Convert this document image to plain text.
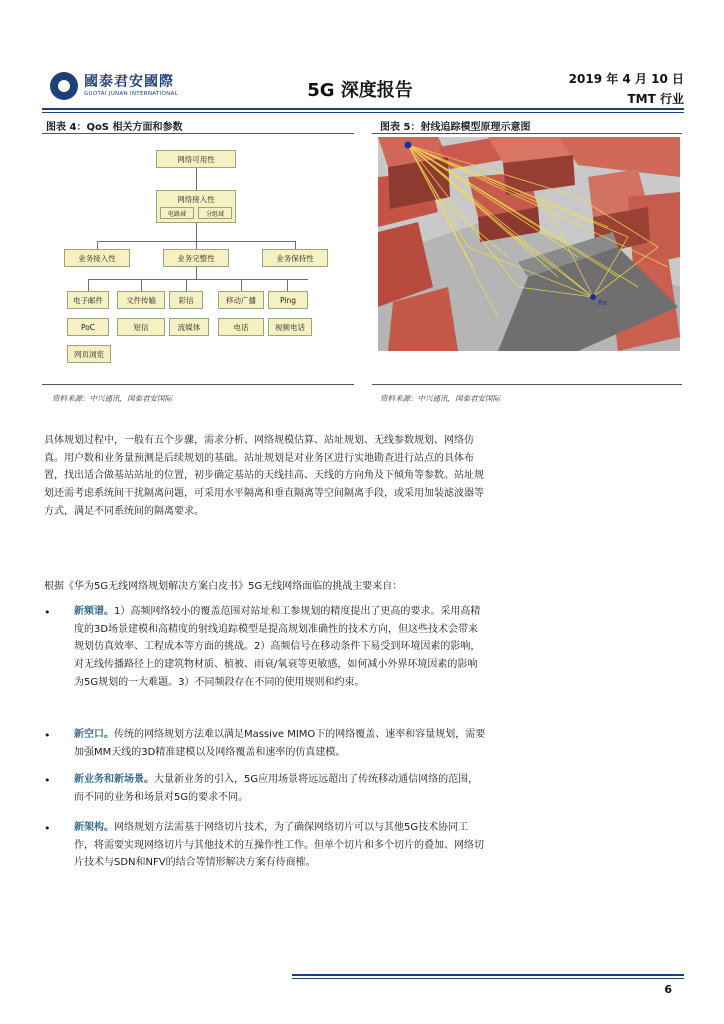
國泰君安國際
GUOTAI JUNAN INTERNATIONAL	5G 深度报告
2019 年 4 月 10 日
TMT 行业
图表 4：QoS 相关方面和参数
网络可用性
网络接入性
电路域	分组域
业务接入性	业务完整性	业务保持性
电子邮件	文件传输	彩信	移动广播	Ping
PoC	短信	流媒体	电话	视频电话
网页浏览
资料来源：中兴通讯，国泰君安国际
图表 5：射线追踪模型原理示意图
Rx
资料来源：中兴通讯，国泰君安国际
具体规划过程中，一般有五个步骤，需求分析、网络规模估算、站址规划、无线参数规划、网络仿真。用户数和业务量预测是后续规划的基础。站址规划是对业务区进行实地勘查进行站点的具体布置，找出适合做基站站址的位置，初步确定基站的天线挂高、天线的方向角及下倾角等参数。站址规划还需考虑系统间干扰隔离问题，可采用水平隔离和垂直隔离等空间隔离手段，或采用加装滤波器等方式，满足不同系统间的隔离要求。
根据《华为5G无线网络规划解决方案白皮书》5G无线网络面临的挑战主要来自：
• 新频谱。1）高频网络较小的覆盖范围对站址和工参规划的精度提出了更高的要求。采用高精度的3D场景建模和高精度的射线追踪模型是提高规划准确性的技术方向，但这些技术会带来规划仿真效率、工程成本等方面的挑战。2）高频信号在移动条件下易受到环境因素的影响，对无线传播路径上的建筑物材质、植被、雨衰/氧衰等更敏感，如何减小外界环境因素的影响为5G规划的一大难题。3）不同频段存在不同的使用规则和约束。
• 新空口。传统的网络规划方法难以满足Massive MIMO下的网络覆盖、速率和容量规划，需要加强MM天线的3D精准建模以及网络覆盖和速率的仿真建模。
• 新业务和新场景。大量新业务的引入，5G应用场景将远远超出了传统移动通信网络的范围，而不同的业务和场景对5G的要求不同。
• 新架构。网络规划方法需基于网络切片技术，为了确保网络切片可以与其他5G技术协同工作，将需要实现网络切片与其他技术的互操作性工作。但单个切片和多个切片的叠加、网络切片技术与SDN和NFV的结合等情形解决方案有待商榷。
6
